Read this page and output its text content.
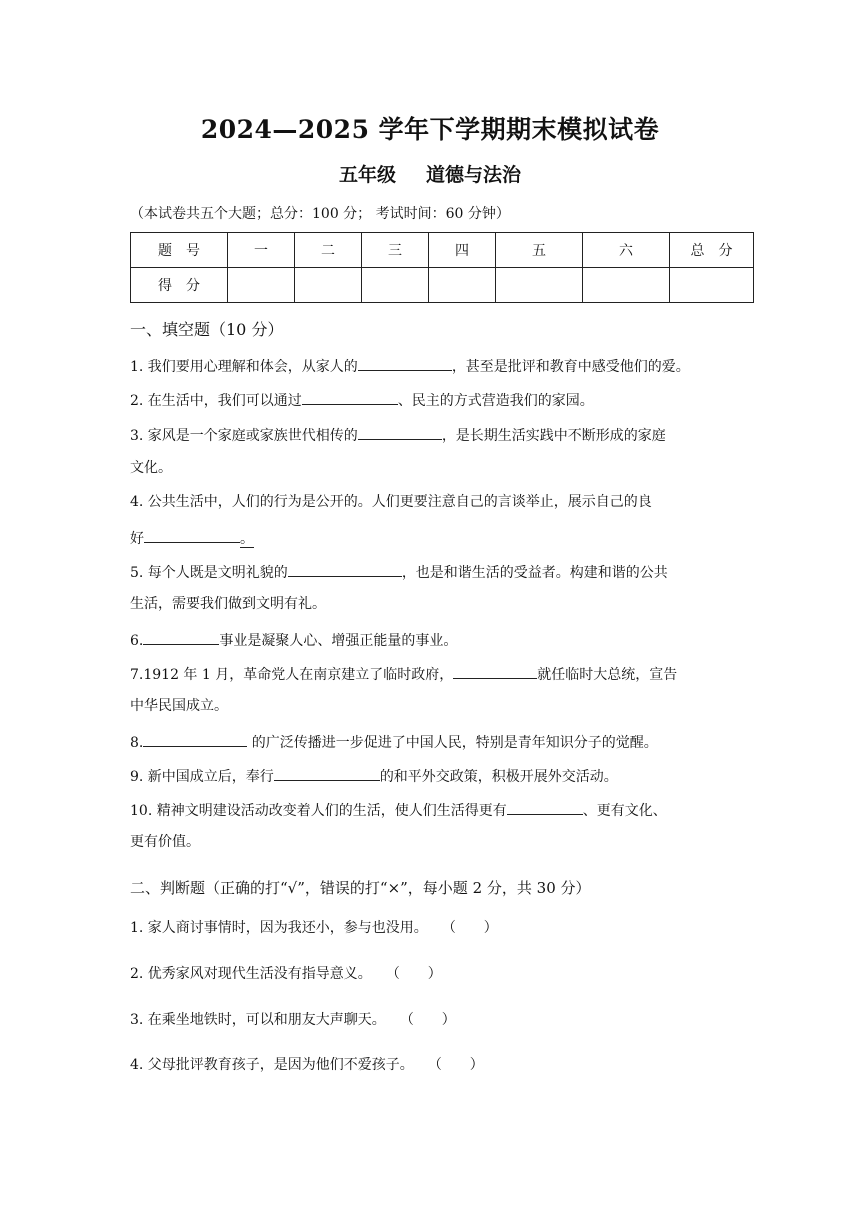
2024—2025 学年下学期期末模拟试卷
五年级 道德与法治
（本试卷共五个大题；总分：100 分； 考试时间：60 分钟）
题　号	一	二	三	四	五	六	总　分
得　分							
一、填空题（10 分）
1. 我们要用心理解和体会，从家人的	，甚至是批评和教育中感受他们的爱。
2. 在生活中，我们可以通过	、民主的方式营造我们的家园。
3. 家风是一个家庭或家族世代相传的	，是长期生活实践中不断形成的家庭
文化。
4. 公共生活中，人们的行为是公开的。人们更要注意自己的言谈举止，展示自己的良
好	。
5. 每个人既是文明礼貌的	，也是和谐生活的受益者。构建和谐的公共
生活，需要我们做到文明有礼。
6.	事业是凝聚人心、增强正能量的事业。
7.1912 年 1 月，革命党人在南京建立了临时政府，	就任临时大总统，宣告
中华民国成立。
8.	的广泛传播进一步促进了中国人民，特别是青年知识分子的觉醒。
9. 新中国成立后，奉行	的和平外交政策，积极开展外交活动。
10. 精神文明建设活动改变着人们的生活，使人们生活得更有	、更有文化、
更有价值。
二、判断题（正确的打“√”，错误的打“×”，每小题 2 分，共 30 分）
1. 家人商讨事情时，因为我还小，参与也没用。 （　　）
2. 优秀家风对现代生活没有指导意义。 （　　）
3. 在乘坐地铁时，可以和朋友大声聊天。 （　　）
4. 父母批评教育孩子，是因为他们不爱孩子。 （　　）
